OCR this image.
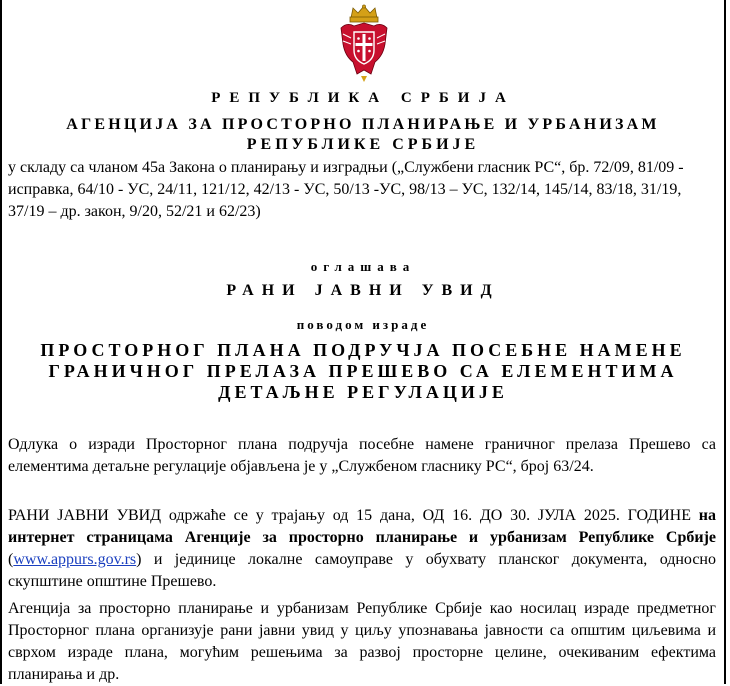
РЕПУБЛИКА СРБИЈА
АГЕНЦИЈА ЗА ПРОСТОРНО ПЛАНИРАЊЕ И УРБАНИЗАМ
РЕПУБЛИКЕ СРБИЈЕ
у складу са чланом 45а Закона о планирању и изградњи („Службени гласник РС“, бр. 72/09, 81/09 - исправка, 64/10 - УС, 24/11, 121/12, 42/13 - УС, 50/13 -УС, 98/13 – УС, 132/14, 145/14, 83/18, 31/19, 37/19 – др. закон, 9/20, 52/21 и 62/23)
оглашава
РАНИ ЈАВНИ УВИД
поводом израде
ПРОСТОРНОГ ПЛАНА ПОДРУЧЈА ПОСЕБНЕ НАМЕНЕ
ГРАНИЧНОГ ПРЕЛАЗА ПРЕШЕВО СА ЕЛЕМЕНТИМА
ДЕТАЉНЕ РЕГУЛАЦИЈЕ
Одлука о изради Просторног плана подручја посебне намене граничног прелаза Прешево са елементима детаљне регулације објављена је у „Службеном гласнику РС“, број 63/24.
РАНИ ЈАВНИ УВИД одржаће се у трајању од 15 дана, ОД 16. ДО 30. ЈУЛА 2025. ГОДИНЕ на интернет страницама Агенције за просторно планирање и урбанизам Републике Србије (www.appurs.gov.rs) и јединице локалне самоуправе у обухвату планског документа, односно скупштине општине Прешево.
Агенција за просторно планирање и урбанизам Републике Србије као носилац израде предметног Просторног плана организује рани јавни увид у циљу упознавања јавности са општим циљевима и сврхом израде плана, могућим решењима за развој просторне целине, очекиваним ефектима планирања и др.
